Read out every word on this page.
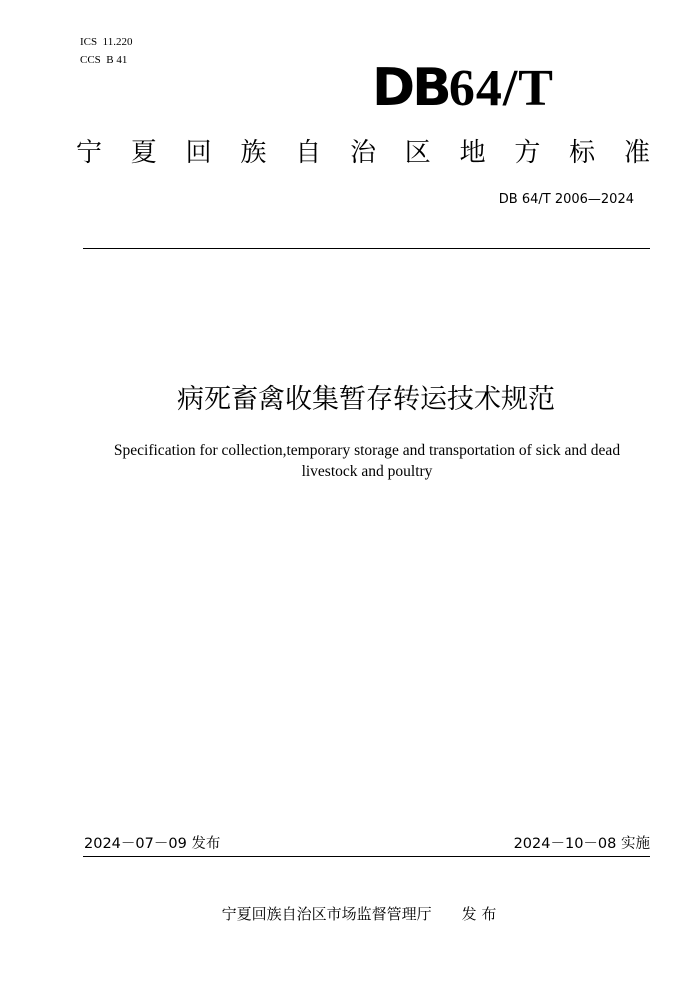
ICS  11.220
CCS  B 41	DB64/T
宁 夏 回 族 自 治 区 地 方 标 准
DB 64/T 2006—2024
病死畜禽收集暂存转运技术规范
Specification for collection,temporary storage and transportation of sick and dead livestock and poultry
2024－07－09 发布	2024－10－08 实施
宁夏回族自治区市场监督管理厅 发 布
